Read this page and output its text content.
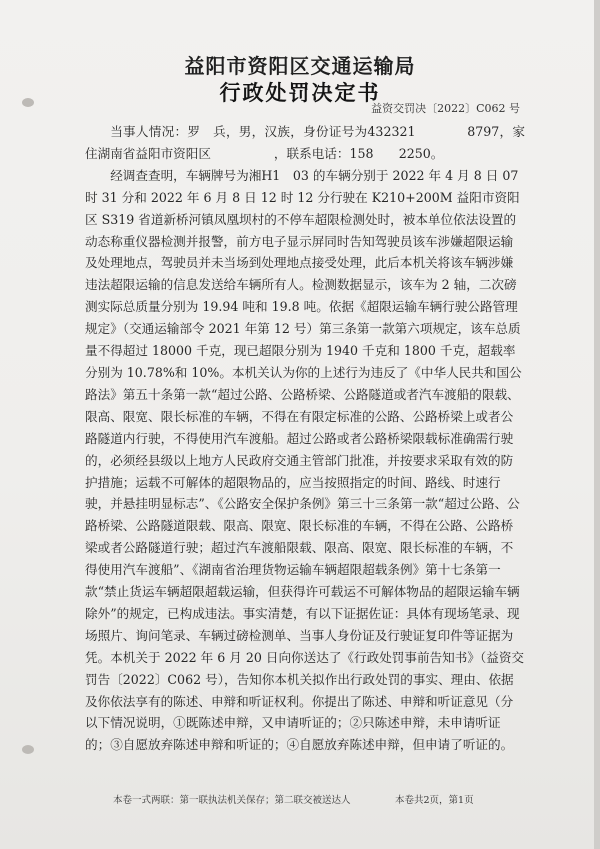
益阳市资阳区交通运输局
行政处罚决定书
益资交罚决〔2022〕C062 号

当事人情况：罗　兵，男，汉族，身份证号为432321　　　　8797，家住湖南省益阳市资阳区　　　　　，联系电话：158　　2250。

经调查查明，车辆牌号为湘H1　03 的车辆分别于 2022 年 4 月 8 日 07 时 31 分和 2022 年 6 月 8 日 12 时 12 分行驶在 K210+200M 益阳市资阳区 S319 省道新桥河镇凤凰坝村的不停车超限检测处时，被本单位依法设置的动态称重仪器检测并报警，前方电子显示屏同时告知驾驶员该车涉嫌超限运输及处理地点，驾驶员并未当场到处理地点接受处理，此后本机关将该车辆涉嫌违法超限运输的信息发送给车辆所有人。检测数据显示，该车为 2 轴，二次磅测实际总质量分别为 19.94 吨和 19.8 吨。依据《超限运输车辆行驶公路管理规定》（交通运输部令 2021 年第 12 号）第三条第一款第六项规定，该车总质量不得超过 18000 千克，现已超限分别为 1940 千克和 1800 千克，超载率分别为 10.78%和 10%。本机关认为你的上述行为违反了《中华人民共和国公路法》第五十条第一款“超过公路、公路桥梁、公路隧道或者汽车渡船的限载、限高、限宽、限长标准的车辆，不得在有限定标准的公路、公路桥梁上或者公路隧道内行驶，不得使用汽车渡船。超过公路或者公路桥梁限载标准确需行驶的，必须经县级以上地方人民政府交通主管部门批准，并按要求采取有效的防护措施；运载不可解体的超限物品的，应当按照指定的时间、路线、时速行驶，并悬挂明显标志”、《公路安全保护条例》第三十三条第一款“超过公路、公路桥梁、公路隧道限载、限高、限宽、限长标准的车辆，不得在公路、公路桥梁或者公路隧道行驶；超过汽车渡船限载、限高、限宽、限长标准的车辆，不得使用汽车渡船”、《湖南省治理货物运输车辆超限超载条例》第十七条第一款“禁止货运车辆超限超载运输，但获得许可载运不可解体物品的超限运输车辆除外”的规定，已构成违法。事实清楚，有以下证据佐证：具体有现场笔录、现场照片、询问笔录、车辆过磅检测单、当事人身份证及行驶证复印件等证据为凭。本机关于 2022 年 6 月 20 日向你送达了《行政处罚事前告知书》（益资交罚告〔2022〕C062 号），告知你本机关拟作出行政处罚的事实、理由、依据及你依法享有的陈述、申辩和听证权利。你提出了陈述、申辩和听证意见（分以下情况说明，①既陈述申辩，又申请听证的；②只陈述申辩，未申请听证的；③自愿放弃陈述申辩和听证的；④自愿放弃陈述申辩，但申请了听证的。

本卷一式两联：第一联执法机关保存；第二联交被送达人	本卷共2页，第1页
